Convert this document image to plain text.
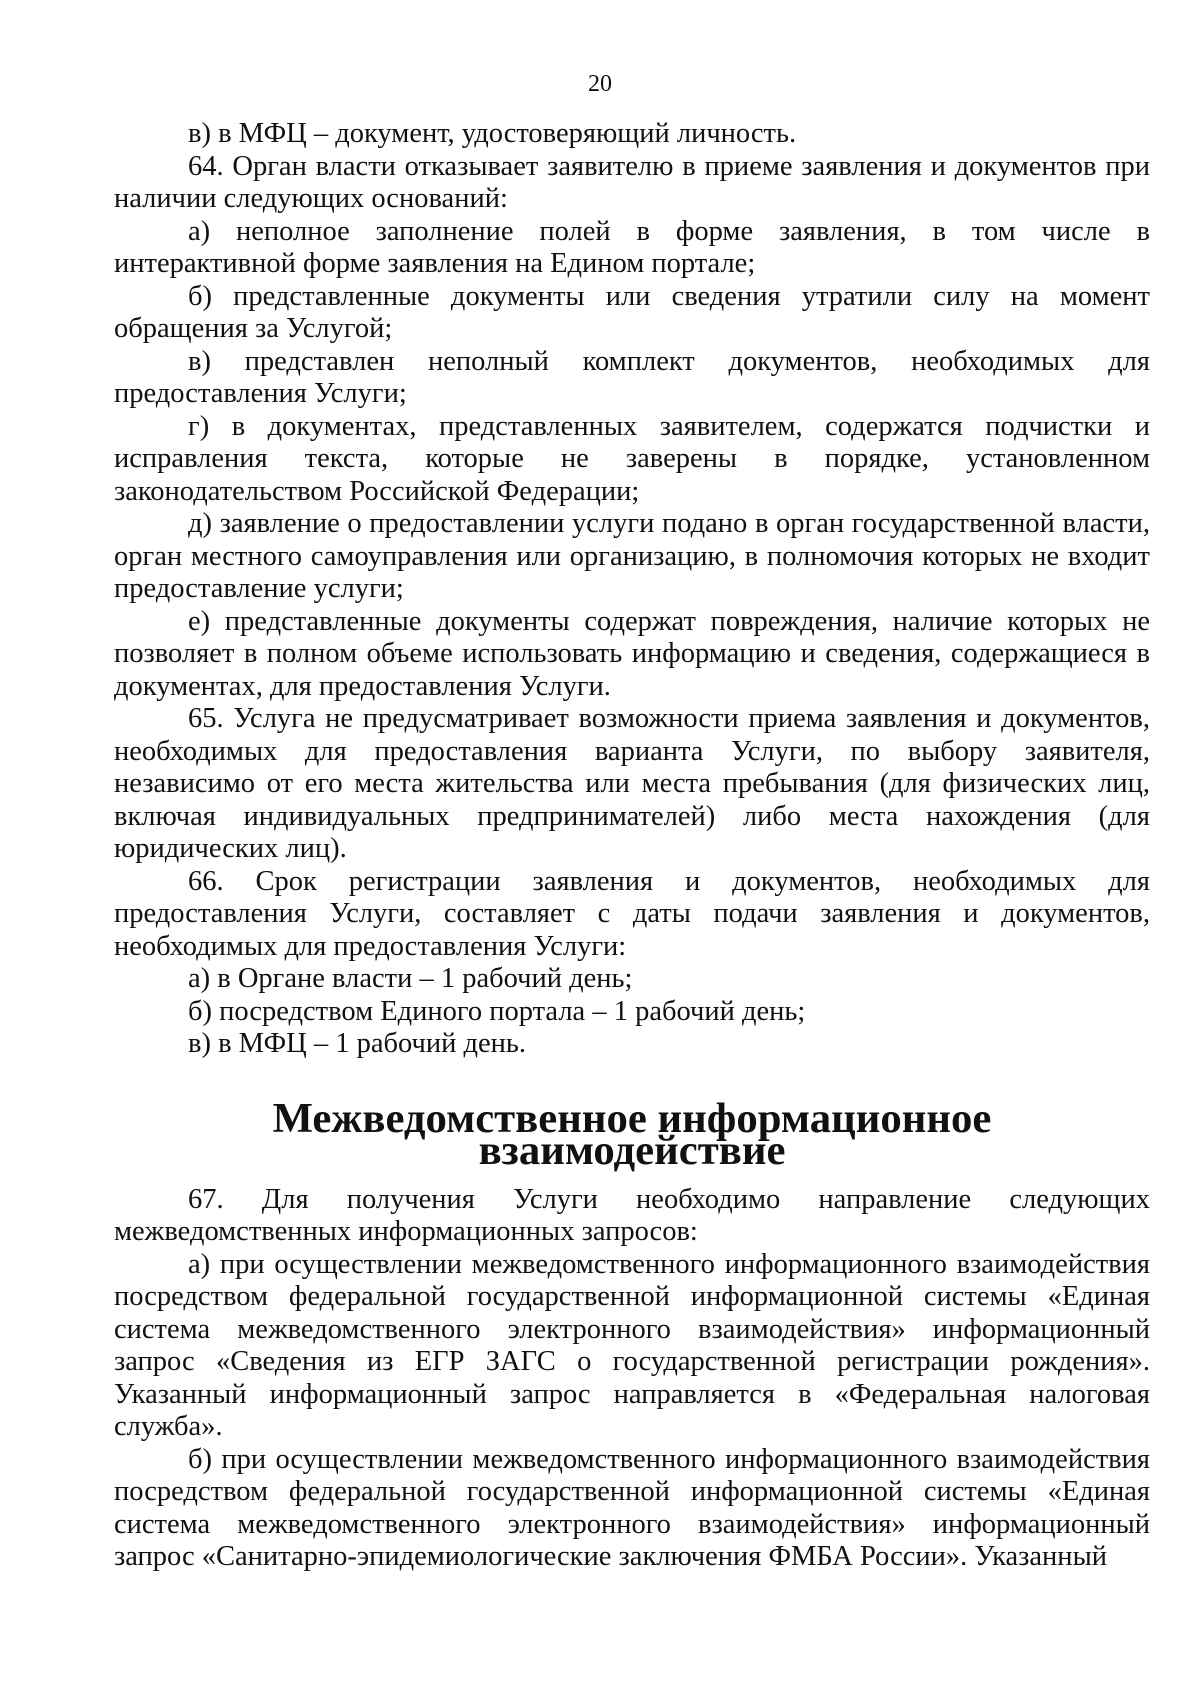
20

в) в МФЦ – документ, удостоверяющий личность.

64. Орган власти отказывает заявителю в приеме заявления и документов при наличии следующих оснований:

а) неполное заполнение полей в форме заявления, в том числе в интерактивной форме заявления на Едином портале;

б) представленные документы или сведения утратили силу на момент обращения за Услугой;

в) представлен неполный комплект документов, необходимых для предоставления Услуги;

г) в документах, представленных заявителем, содержатся подчистки и исправления текста, которые не заверены в порядке, установленном законодательством Российской Федерации;

д) заявление о предоставлении услуги подано в орган государственной власти, орган местного самоуправления или организацию, в полномочия которых не входит предоставление услуги;

е) представленные документы содержат повреждения, наличие которых не позволяет в полном объеме использовать информацию и сведения, содержащиеся в документах, для предоставления Услуги.

65. Услуга не предусматривает возможности приема заявления и документов, необходимых для предоставления варианта Услуги, по выбору заявителя, независимо от его места жительства или места пребывания (для физических лиц, включая индивидуальных предпринимателей) либо места нахождения (для юридических лиц).

66. Срок регистрации заявления и документов, необходимых для предоставления Услуги, составляет с даты подачи заявления и документов, необходимых для предоставления Услуги:

а) в Органе власти – 1 рабочий день;

б) посредством Единого портала – 1 рабочий день;

в) в МФЦ – 1 рабочий день.

Межведомственное информационное взаимодействие

67. Для получения Услуги необходимо направление следующих межведомственных информационных запросов:

а) при осуществлении межведомственного информационного взаимодействия посредством федеральной государственной информационной системы «Единая система межведомственного электронного взаимодействия» информационный запрос «Сведения из ЕГР ЗАГС о государственной регистрации рождения». Указанный информационный запрос направляется в «Федеральная налоговая служба».

б) при осуществлении межведомственного информационного взаимодействия посредством федеральной государственной информационной системы «Единая система межведомственного электронного взаимодействия» информационный запрос «Санитарно-эпидемиологические заключения ФМБА России». Указанный
